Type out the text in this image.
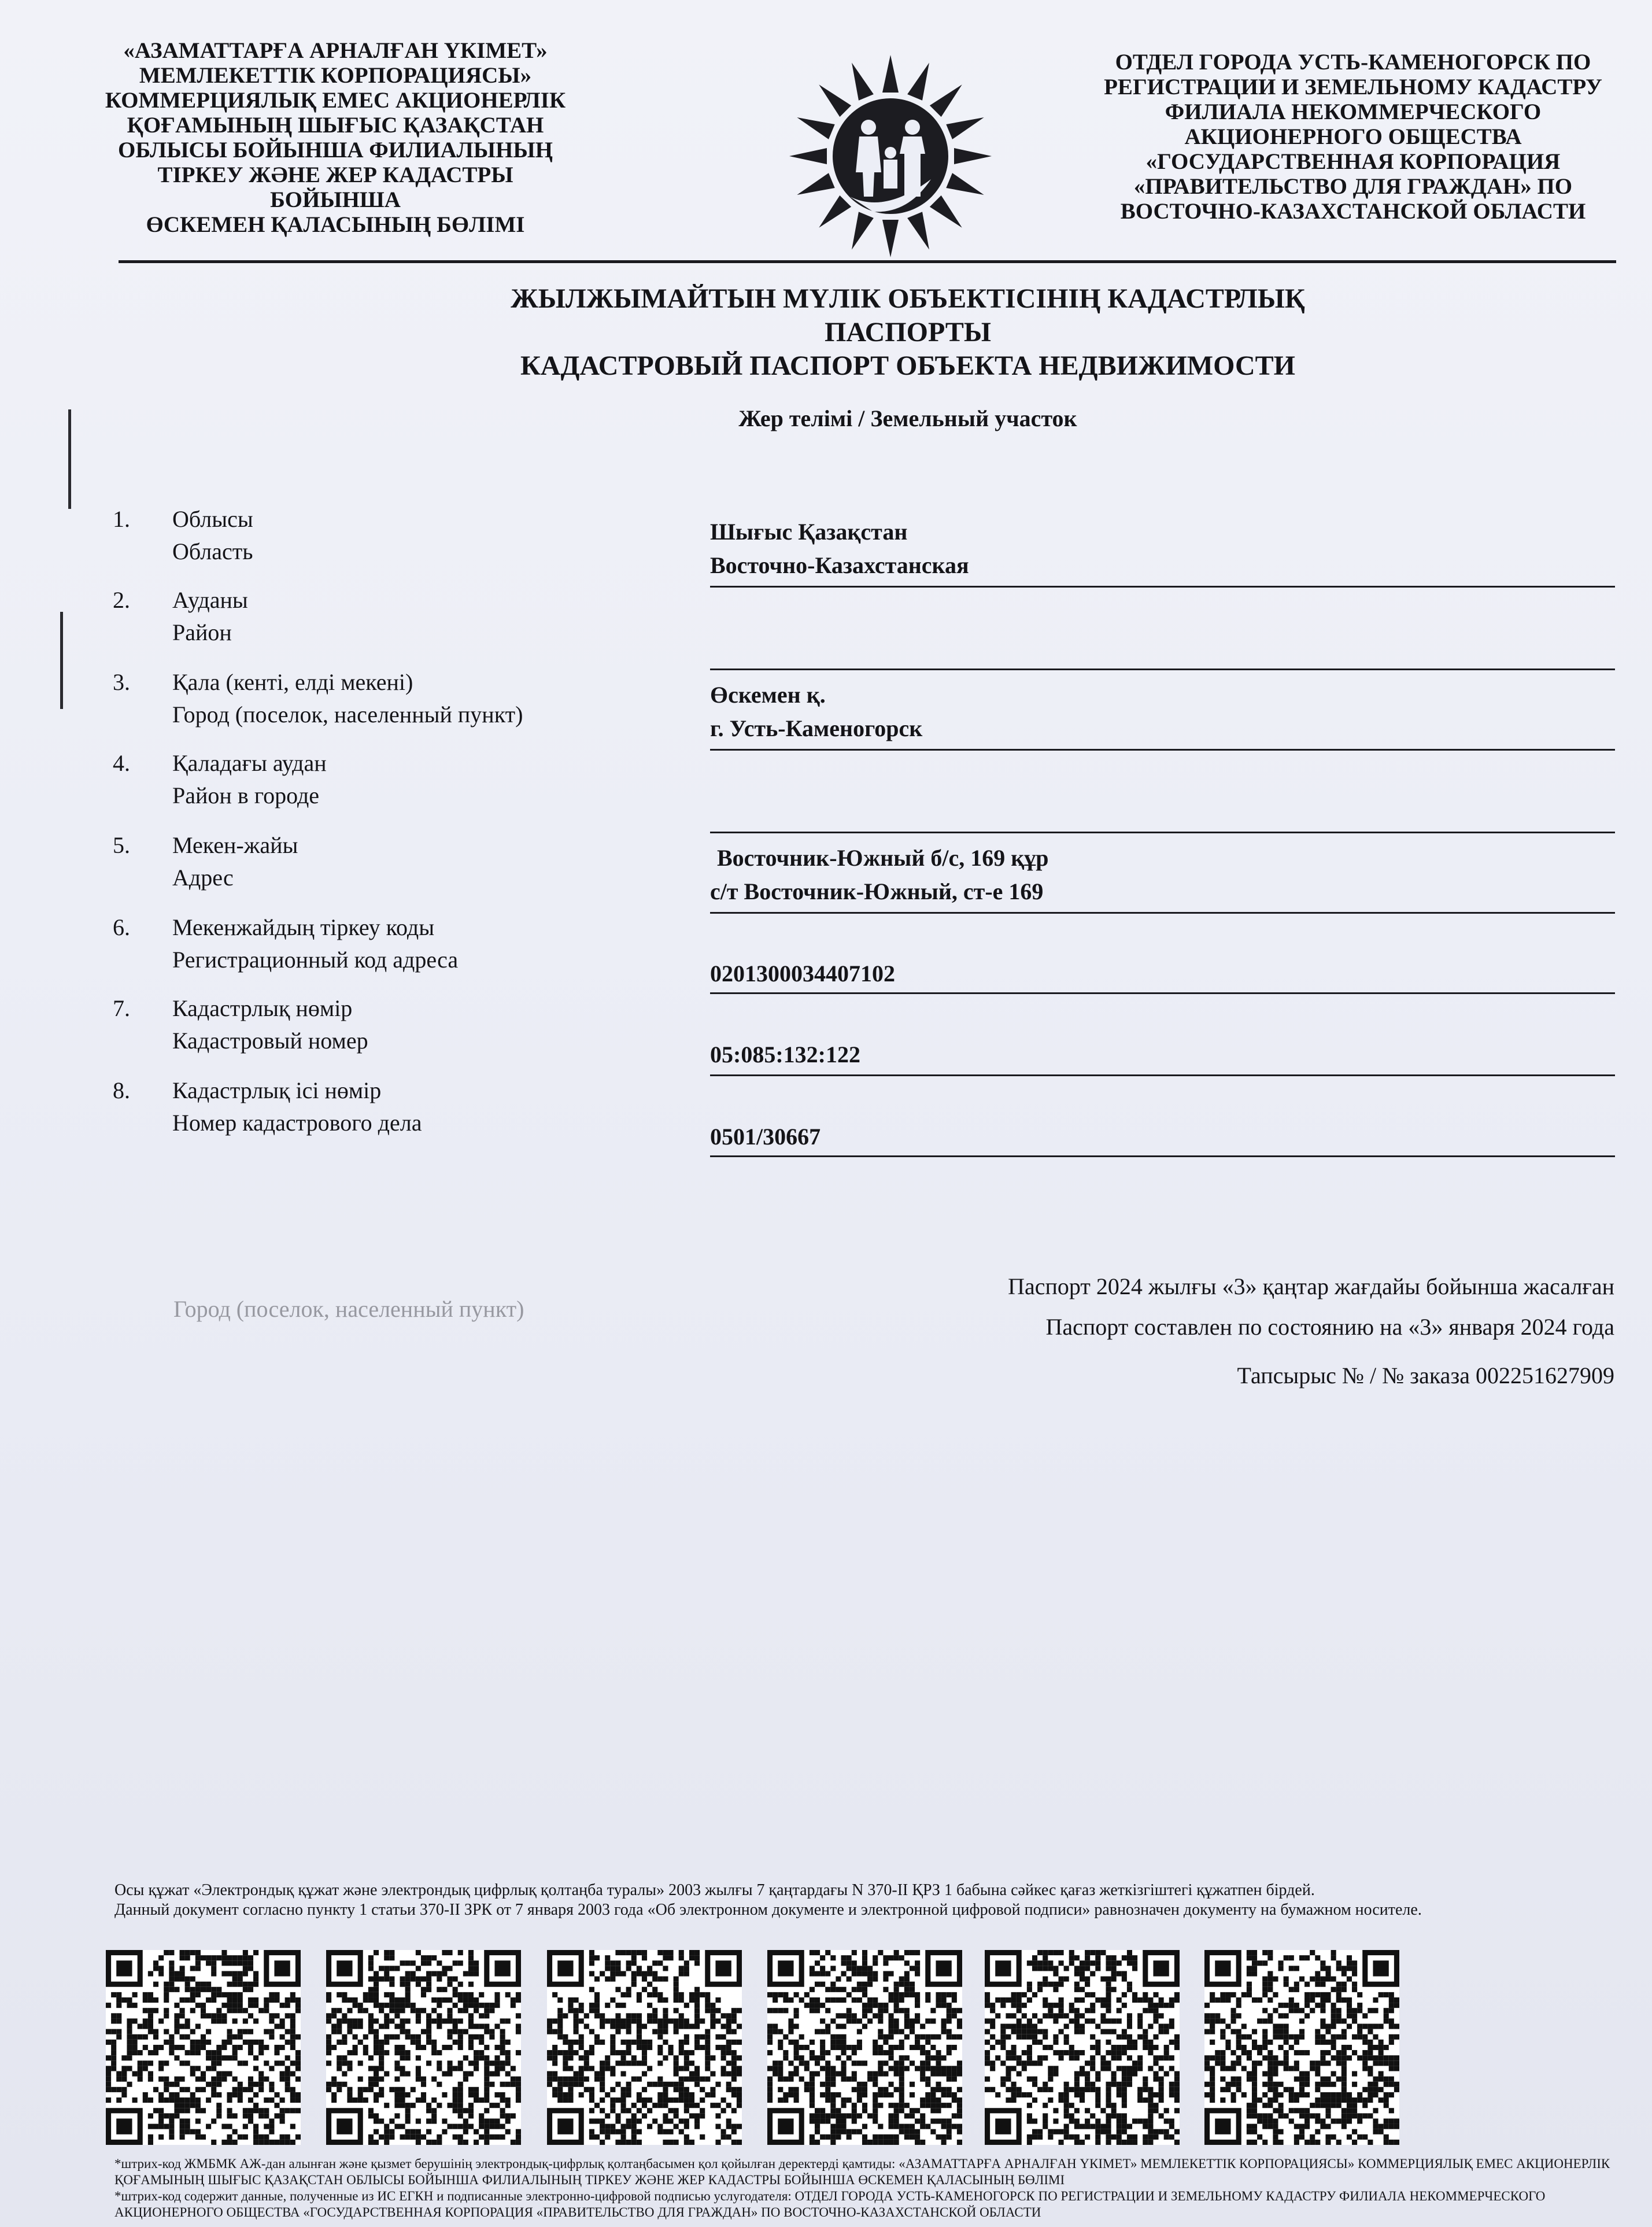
«АЗАМАТТАРҒА АРНАЛҒАН ҮКІМЕТ»
МЕМЛЕКЕТТІК КОРПОРАЦИЯСЫ»
КОММЕРЦИЯЛЫҚ ЕМЕС АКЦИОНЕРЛІК
ҚОҒАМЫНЫҢ ШЫҒЫС ҚАЗАҚСТАН
ОБЛЫСЫ БОЙЫНША ФИЛИАЛЫНЫҢ
ТІРКЕУ ЖӘНЕ ЖЕР КАДАСТРЫ БОЙЫНША
ӨСКЕМЕН ҚАЛАСЫНЫҢ БӨЛІМІ
ОТДЕЛ ГОРОДА УСТЬ-КАМЕНОГОРСК ПО
РЕГИСТРАЦИИ И ЗЕМЕЛЬНОМУ КАДАСТРУ
ФИЛИАЛА НЕКОММЕРЧЕСКОГО
АКЦИОНЕРНОГО ОБЩЕСТВА
«ГОСУДАРСТВЕННАЯ КОРПОРАЦИЯ
«ПРАВИТЕЛЬСТВО ДЛЯ ГРАЖДАН» ПО
ВОСТОЧНО-КАЗАХСТАНСКОЙ ОБЛАСТИ
ЖЫЛЖЫМАЙТЫН МҮЛІК ОБЪЕКТІСІНІҢ КАДАСТРЛЫҚ
ПАСПОРТЫ
КАДАСТРОВЫЙ ПАСПОРТ ОБЪЕКТА НЕДВИЖИМОСТИ
Жер телімі / Земельный участок
1. Облысы
Область
Шығыс Қазақстан
Восточно-Казахстанская
2. Ауданы
Район
3. Қала (кенті, елді мекені)
Город (поселок, населенный пункт)
Өскемен қ.
г. Усть-Каменогорск
4. Қаладағы аудан
Район в городе
5. Мекен-жайы
Адрес
Восточник-Южный б/с, 169 құр
с/т Восточник-Южный, ст-е 169
6. Мекенжайдың тіркеу коды
Регистрационный код адреса
0201300034407102
7. Кадастрлық нөмір
Кадастровый номер
05:085:132:122
8. Кадастрлық ісі нөмір
Номер кадастрового дела
0501/30667
Паспорт 2024 жылғы «3» қаңтар жағдайы бойынша жасалған
Город (поселок, населенный пункт)
Паспорт составлен по состоянию на «3» января 2024 года
Тапсырыс № / № заказа 002251627909
Осы құжат «Электрондық құжат және электрондық цифрлық қолтаңба туралы» 2003 жылғы 7 қаңтардағы N 370-II ҚРЗ 1 бабына сәйкес қағаз жеткізгіштегі құжатпен бірдей.
Данный документ согласно пункту 1 статьи 370-II ЗРК от 7 января 2003 года «Об электронном документе и электронной цифровой подписи» равнозначен документу на бумажном носителе.
*штрих-код ЖМБМК АЖ-дан алынған және қызмет берушінің электрондық-цифрлық қолтаңбасымен қол қойылған деректерді қамтиды: «АЗАМАТТАРҒА АРНАЛҒАН ҮКІМЕТ» МЕМЛЕКЕТТІК КОРПОРАЦИЯСЫ» КОММЕРЦИЯЛЫҚ ЕМЕС АКЦИОНЕРЛІК ҚОҒАМЫНЫҢ ШЫҒЫС ҚАЗАҚСТАН ОБЛЫСЫ БОЙЫНША ФИЛИАЛЫНЫҢ ТІРКЕУ ЖӘНЕ ЖЕР КАДАСТРЫ БОЙЫНША ӨСКЕМЕН ҚАЛАСЫНЫҢ БӨЛІМІ
*штрих-код содержит данные, полученные из ИС ЕГКН и подписанные электронно-цифровой подписью услугодателя: ОТДЕЛ ГОРОДА УСТЬ-КАМЕНОГОРСК ПО РЕГИСТРАЦИИ И ЗЕМЕЛЬНОМУ КАДАСТРУ ФИЛИАЛА НЕКОММЕРЧЕСКОГО АКЦИОНЕРНОГО ОБЩЕСТВА «ГОСУДАРСТВЕННАЯ КОРПОРАЦИЯ «ПРАВИТЕЛЬСТВО ДЛЯ ГРАЖДАН» ПО ВОСТОЧНО-КАЗАХСТАНСКОЙ ОБЛАСТИ
